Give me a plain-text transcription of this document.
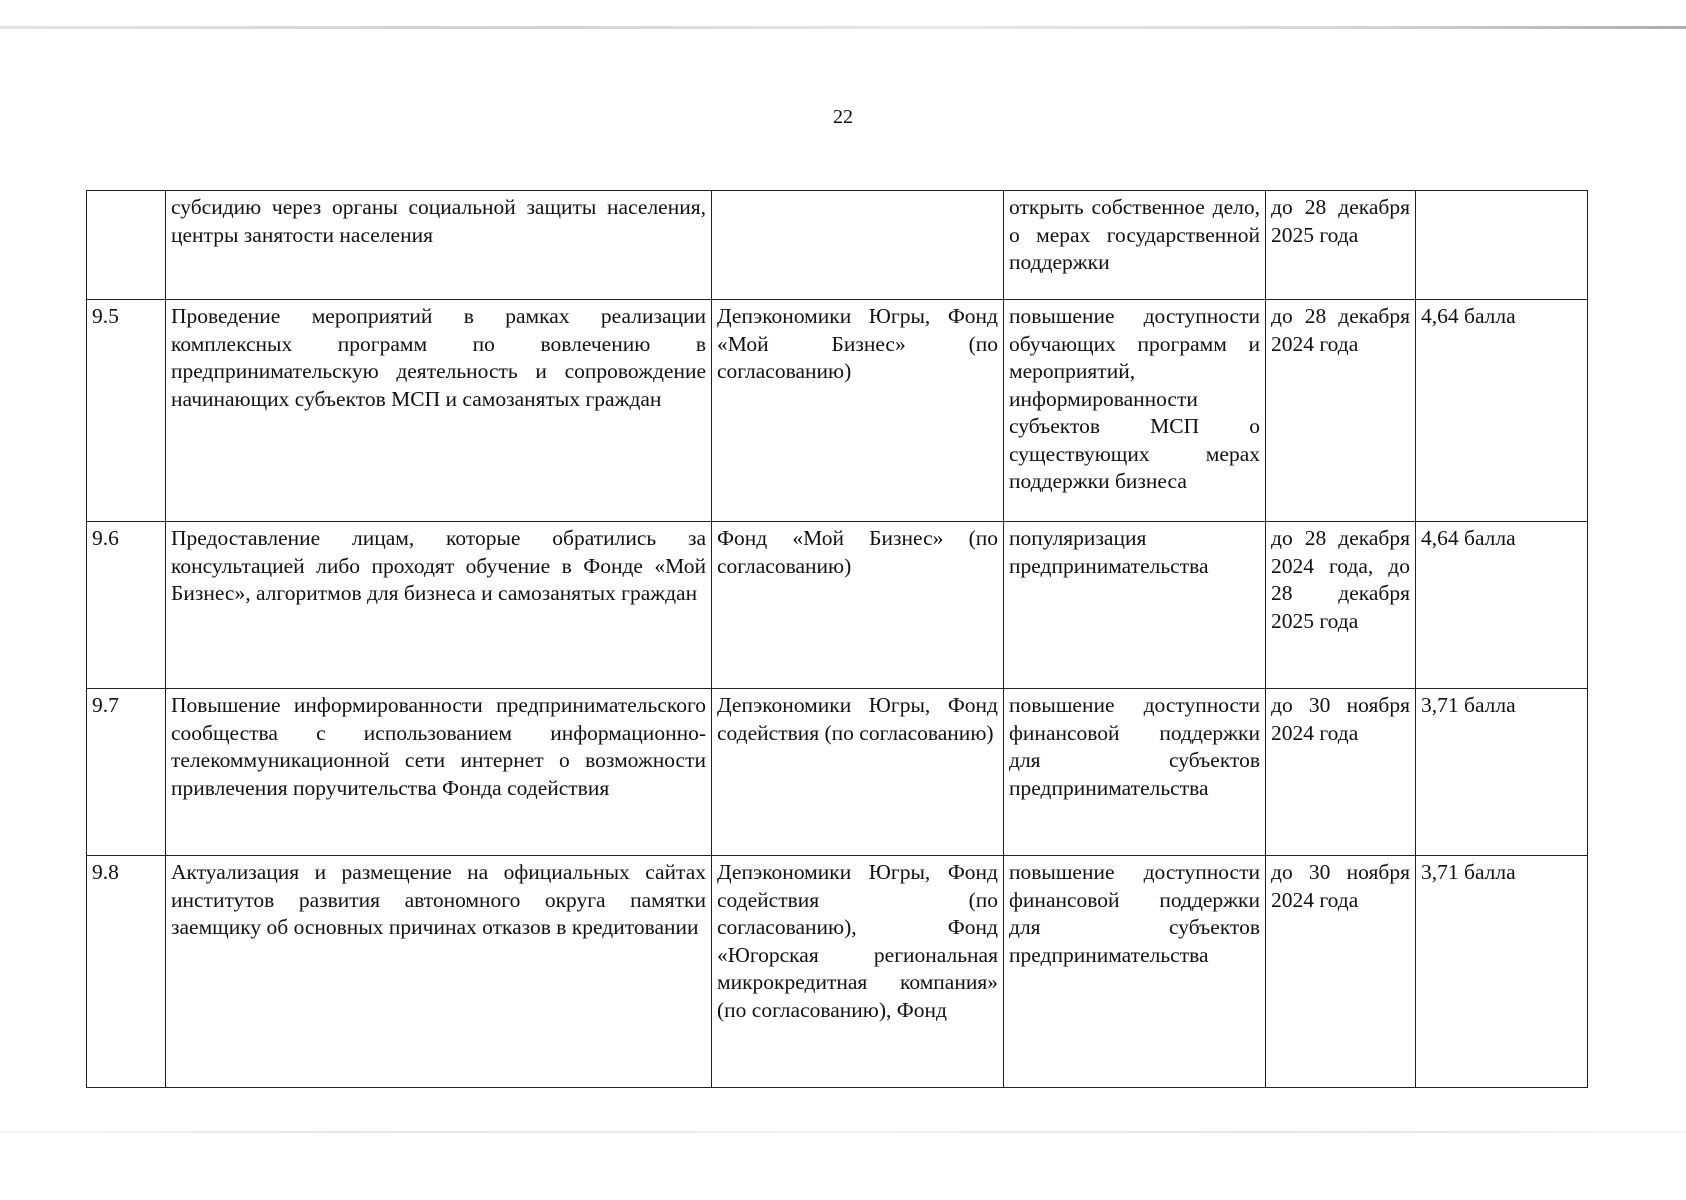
22
	субсидию через органы социальной защиты населения, центры занятости населения		открыть собственное дело, о мерах государственной поддержки	до 28 декабря 2025 года	
9.5	Проведение мероприятий в рамках реализации комплексных программ по вовлечению в предпринимательскую деятельность и сопровождение начинающих субъектов МСП и самозанятых граждан	Депэкономики Югры, Фонд «Мой Бизнес» (по согласованию)	повышение доступности обучающих программ и мероприятий, информированности субъектов МСП о существующих мерах поддержки бизнеса	до 28 декабря 2024 года	4,64 балла
9.6	Предоставление лицам, которые обратились за консультацией либо проходят обучение в Фонде «Мой Бизнес», алгоритмов для бизнеса и самозанятых граждан	Фонд «Мой Бизнес» (по согласованию)	популяризация предпринимательства	до 28 декабря 2024 года, до 28 декабря 2025 года	4,64 балла
9.7	Повышение информированности предпринимательского сообщества с использованием информационно-телекоммуникационной сети интернет о возможности привлечения поручительства Фонда содействия	Депэкономики Югры, Фонд содействия (по согласованию)	повышение доступности финансовой поддержки для субъектов предпринимательства	до 30 ноября 2024 года	3,71 балла
9.8	Актуализация и размещение на официальных сайтах институтов развития автономного округа памятки заемщику об основных причинах отказов в кредитовании	Депэкономики Югры, Фонд содействия (по согласованию), Фонд «Югорская региональная микрокредитная компания» (по согласованию), Фонд	повышение доступности финансовой поддержки для субъектов предпринимательства	до 30 ноября 2024 года	3,71 балла
